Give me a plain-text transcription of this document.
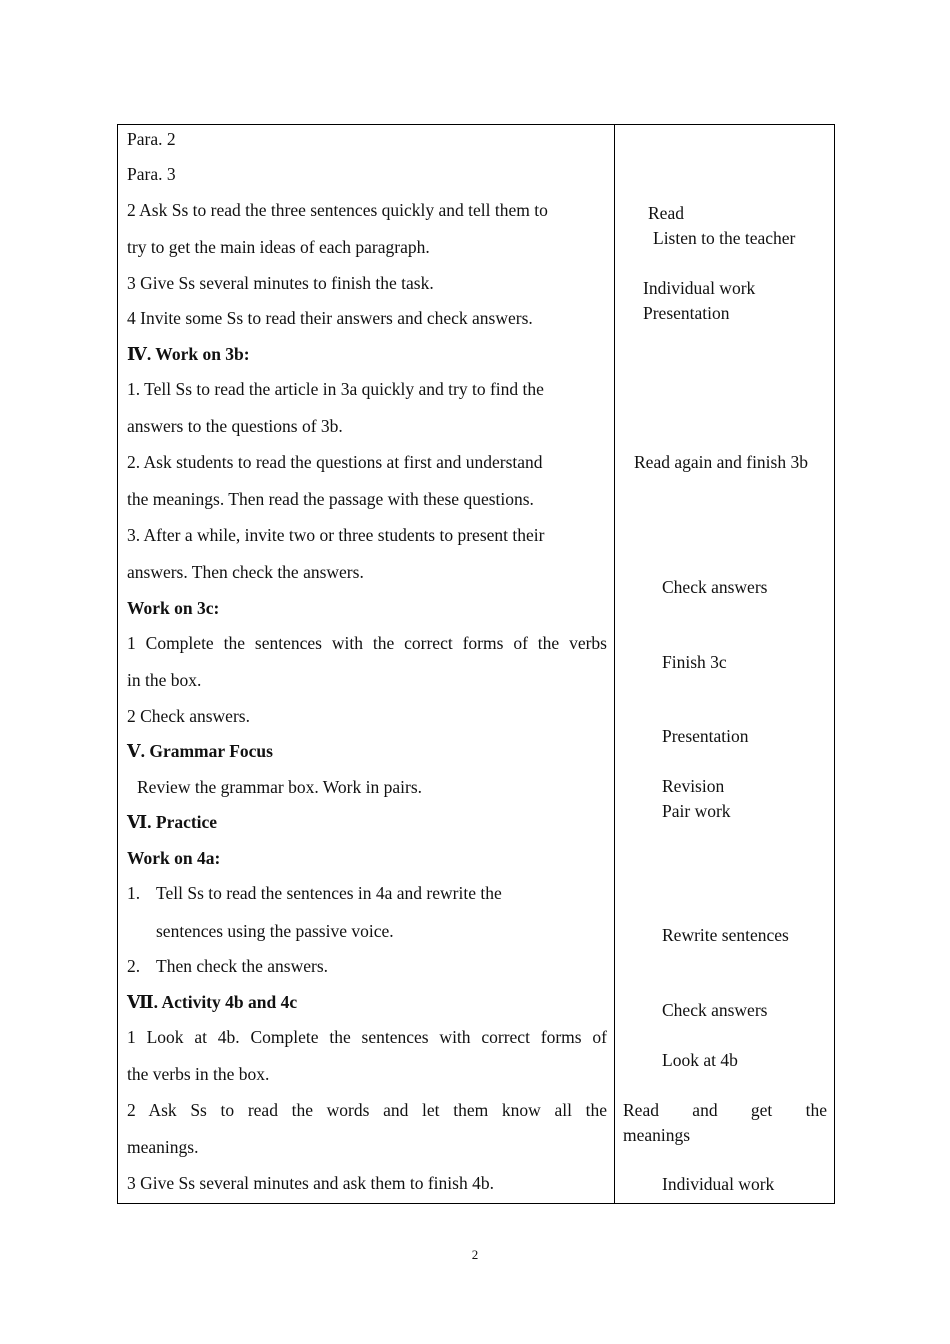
Para. 2
Para. 3
2 Ask Ss to read the three sentences quickly and tell them to
try to get the main ideas of each paragraph.
3 Give Ss several minutes to finish the task.
4 Invite some Ss to read their answers and check answers.
Ⅳ. Work on 3b:
1. Tell Ss to read the article in 3a quickly and try to find the
answers to the questions of 3b.
2. Ask students to read the questions at first and understand
the meanings. Then read the passage with these questions.
3. After a while, invite two or three students to present their
answers. Then check the answers.
Work on 3c:
1 Complete the sentences with the correct forms of the verbs
in the box.
2 Check answers.
Ⅴ. Grammar Focus
Review the grammar box. Work in pairs.
Ⅵ. Practice
Work on 4a:
1. Tell Ss to read the sentences in 4a and rewrite the
sentences using the passive voice.
2. Then check the answers.
Ⅶ. Activity 4b and 4c
1 Look at 4b. Complete the sentences with correct forms of
the verbs in the box.
2 Ask Ss to read the words and let them know all the
meanings.
3 Give Ss several minutes and ask them to finish 4b.
Read
Listen to the teacher
Individual work
Presentation
Read again and finish 3b
Check answers
Finish 3c
Presentation
Revision
Pair work
Rewrite sentences
Check answers
Look at 4b
Read and get the
meanings
Individual work
2
